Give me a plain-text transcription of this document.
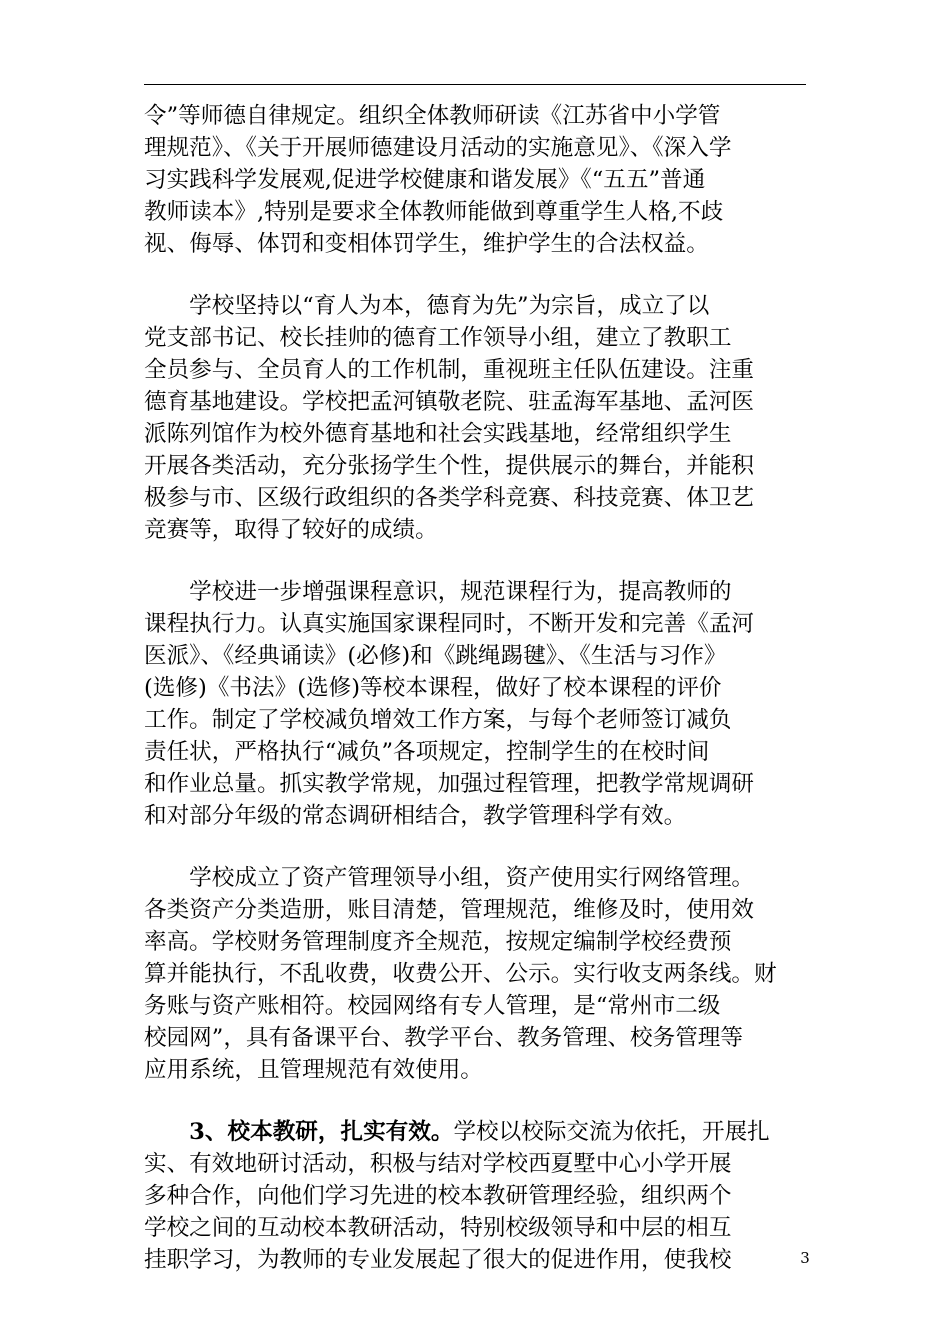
令”等师德自律规定。组织全体教师研读《江苏省中小学管
理规范》、《关于开展师德建设月活动的实施意见》、《深入学
习实践科学发展观,促进学校健康和谐发展》《“五五”普通
教师读本》,特别是要求全体教师能做到尊重学生人格,不歧
视、侮辱、体罚和变相体罚学生，维护学生的合法权益。
　　学校坚持以“育人为本，德育为先”为宗旨，成立了以
党支部书记、校长挂帅的德育工作领导小组，建立了教职工
全员参与、全员育人的工作机制，重视班主任队伍建设。注重
德育基地建设。学校把孟河镇敬老院、驻孟海军基地、孟河医
派陈列馆作为校外德育基地和社会实践基地，经常组织学生
开展各类活动，充分张扬学生个性，提供展示的舞台，并能积
极参与市、区级行政组织的各类学科竞赛、科技竞赛、体卫艺
竞赛等，取得了较好的成绩。
　　学校进一步增强课程意识，规范课程行为，提高教师的
课程执行力。认真实施国家课程同时，不断开发和完善《孟河
医派》、《经典诵读》(必修)和《跳绳踢毽》、《生活与习作》
(选修)《书法》(选修)等校本课程，做好了校本课程的评价
工作。制定了学校减负增效工作方案，与每个老师签订减负
责任状，严格执行“减负”各项规定，控制学生的在校时间
和作业总量。抓实教学常规，加强过程管理，把教学常规调研
和对部分年级的常态调研相结合，教学管理科学有效。
　　学校成立了资产管理领导小组，资产使用实行网络管理。
各类资产分类造册，账目清楚，管理规范，维修及时，使用效
率高。学校财务管理制度齐全规范，按规定编制学校经费预
算并能执行，不乱收费，收费公开、公示。实行收支两条线。财
务账与资产账相符。校园网络有专人管理，是“常州市二级
校园网”，具有备课平台、教学平台、教务管理、校务管理等
应用系统，且管理规范有效使用。
　　3、校本教研，扎实有效。学校以校际交流为依托，开展扎
实、有效地研讨活动，积极与结对学校西夏墅中心小学开展
多种合作，向他们学习先进的校本教研管理经验，组织两个
学校之间的互动校本教研活动，特别校级领导和中层的相互
挂职学习，为教师的专业发展起了很大的促进作用，使我校	3
